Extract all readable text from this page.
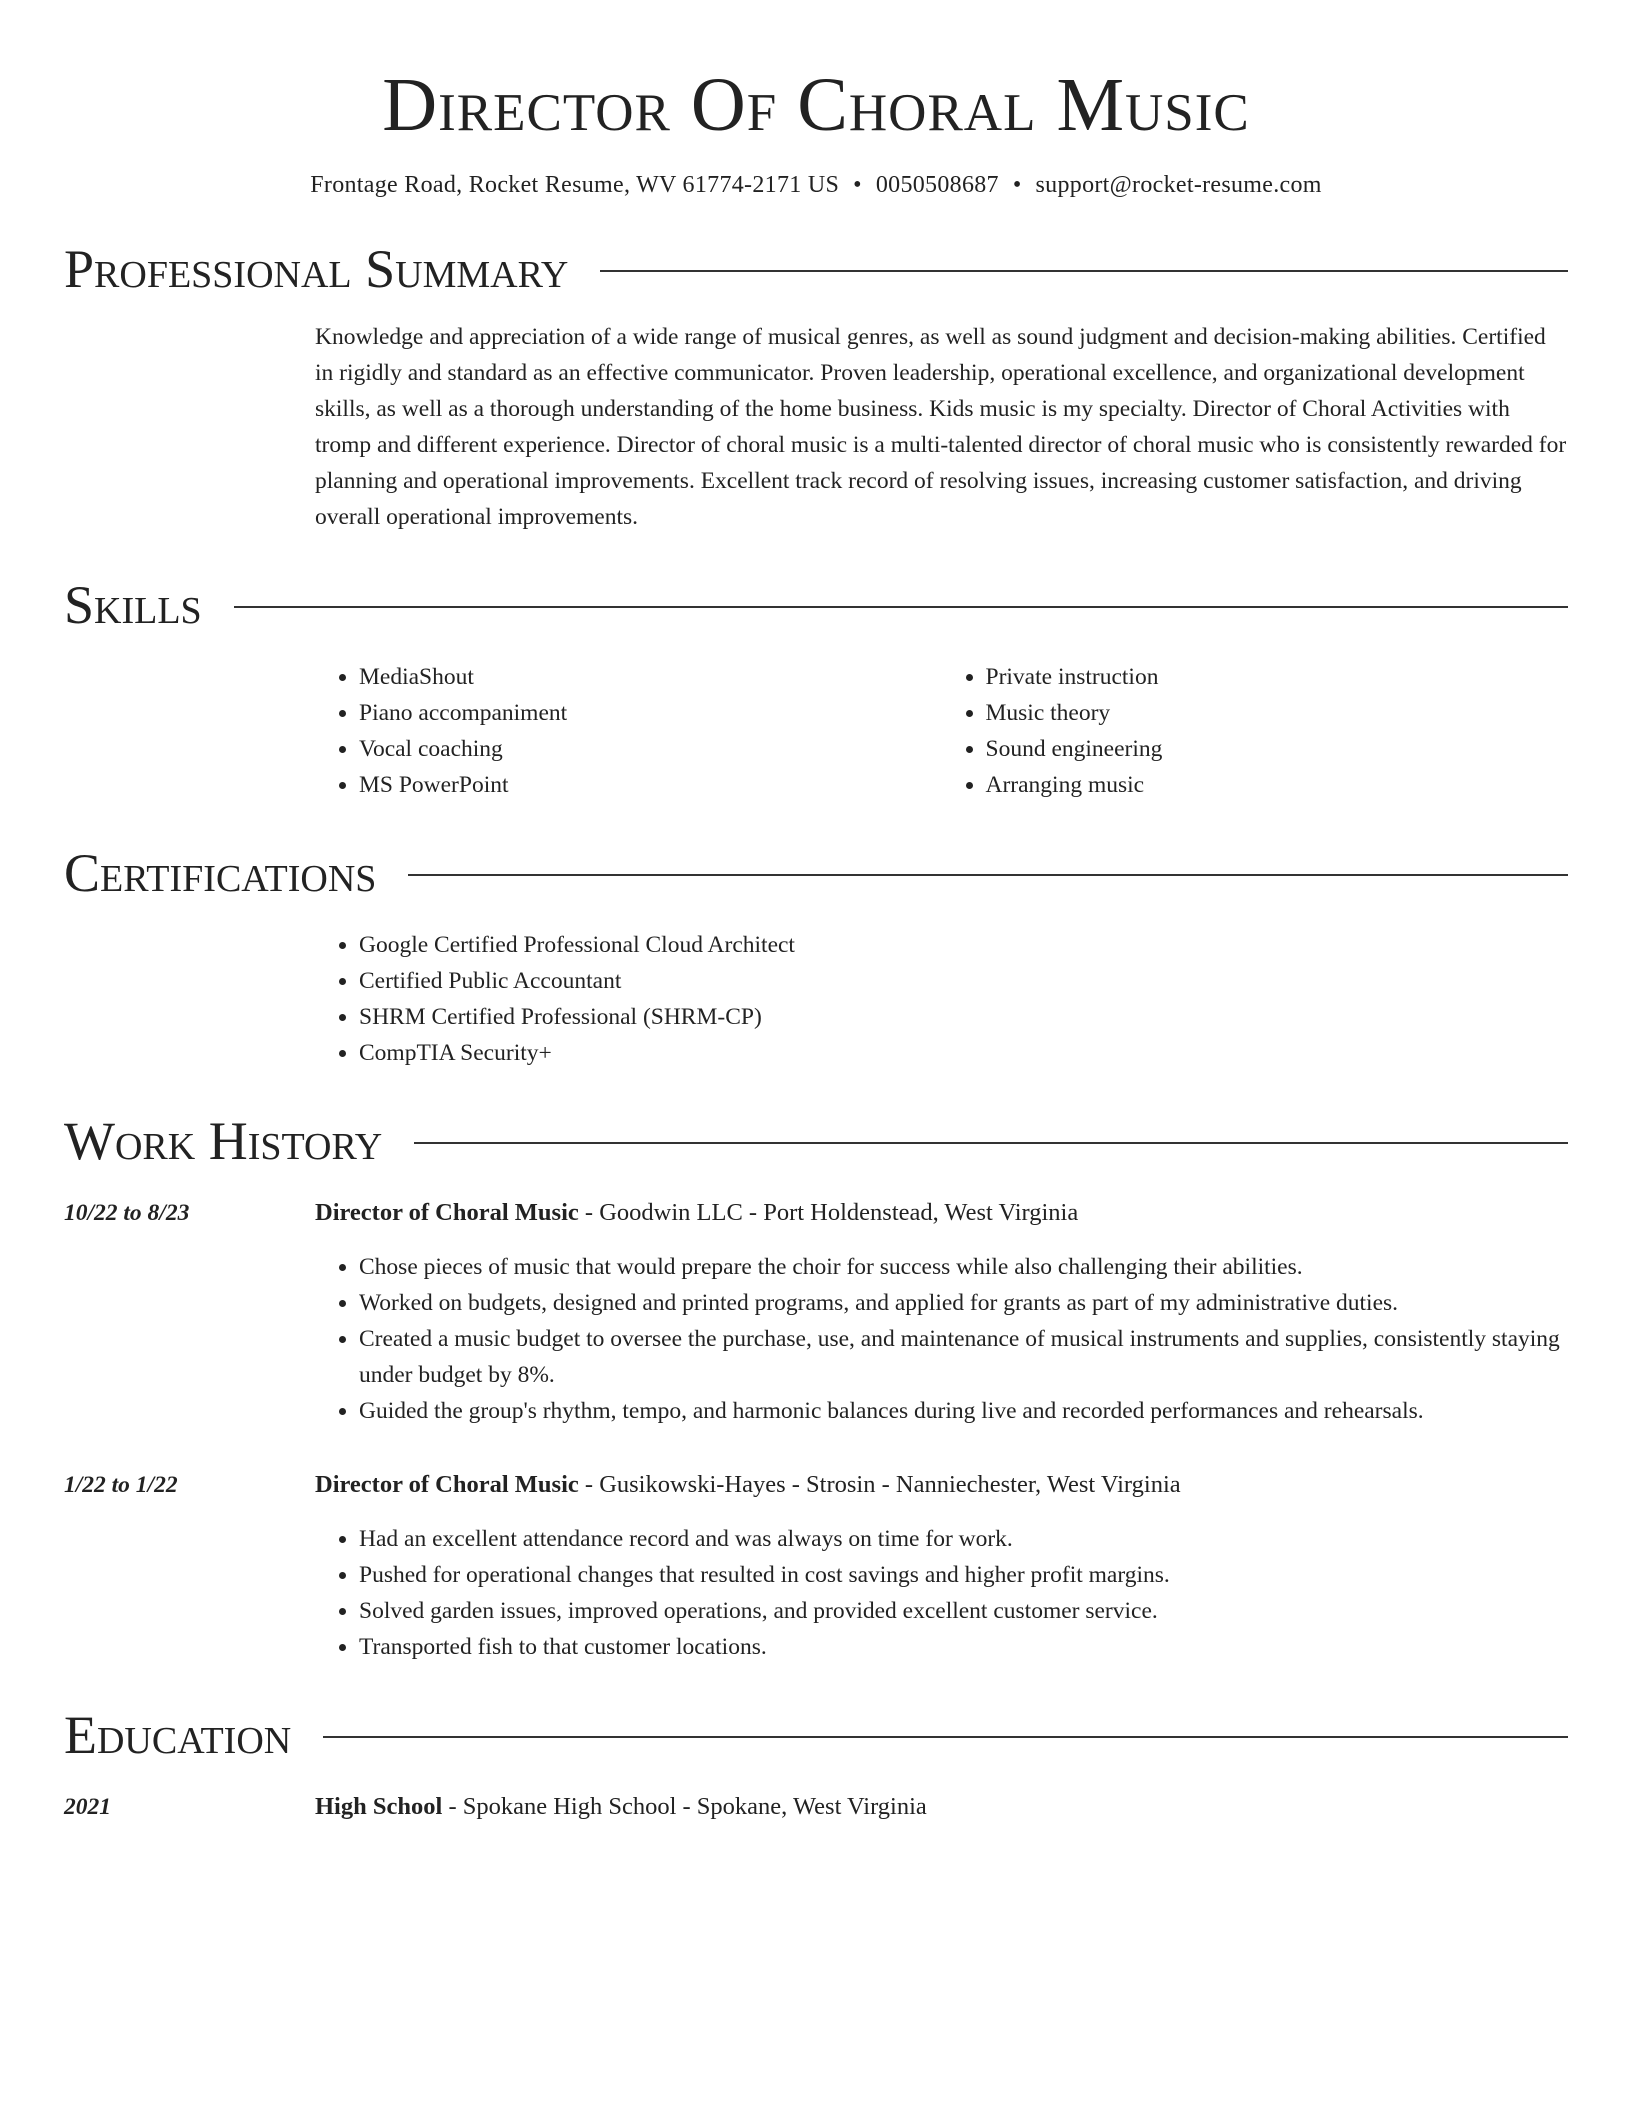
Director Of Choral Music
Frontage Road, Rocket Resume, WV 61774-2171 US • 0050508687 • support@rocket-resume.com
Professional Summary
Knowledge and appreciation of a wide range of musical genres, as well as sound judgment and decision-making abilities. Certified in rigidly and standard as an effective communicator. Proven leadership, operational excellence, and organizational development skills, as well as a thorough understanding of the home business. Kids music is my specialty. Director of Choral Activities with tromp and different experience. Director of choral music is a multi-talented director of choral music who is consistently rewarded for planning and operational improvements. Excellent track record of resolving issues, increasing customer satisfaction, and driving overall operational improvements.
Skills
• MediaShout
• Piano accompaniment
• Vocal coaching
• MS PowerPoint
• Private instruction
• Music theory
• Sound engineering
• Arranging music
Certifications
• Google Certified Professional Cloud Architect
• Certified Public Accountant
• SHRM Certified Professional (SHRM-CP)
• CompTIA Security+
Work History
10/22 to 8/23	Director of Choral Music - Goodwin LLC - Port Holdenstead, West Virginia
• Chose pieces of music that would prepare the choir for success while also challenging their abilities.
• Worked on budgets, designed and printed programs, and applied for grants as part of my administrative duties.
• Created a music budget to oversee the purchase, use, and maintenance of musical instruments and supplies, consistently staying under budget by 8%.
• Guided the group's rhythm, tempo, and harmonic balances during live and recorded performances and rehearsals.
1/22 to 1/22	Director of Choral Music - Gusikowski-Hayes - Strosin - Nanniechester, West Virginia
• Had an excellent attendance record and was always on time for work.
• Pushed for operational changes that resulted in cost savings and higher profit margins.
• Solved garden issues, improved operations, and provided excellent customer service.
• Transported fish to that customer locations.
Education
2021	High School - Spokane High School - Spokane, West Virginia
